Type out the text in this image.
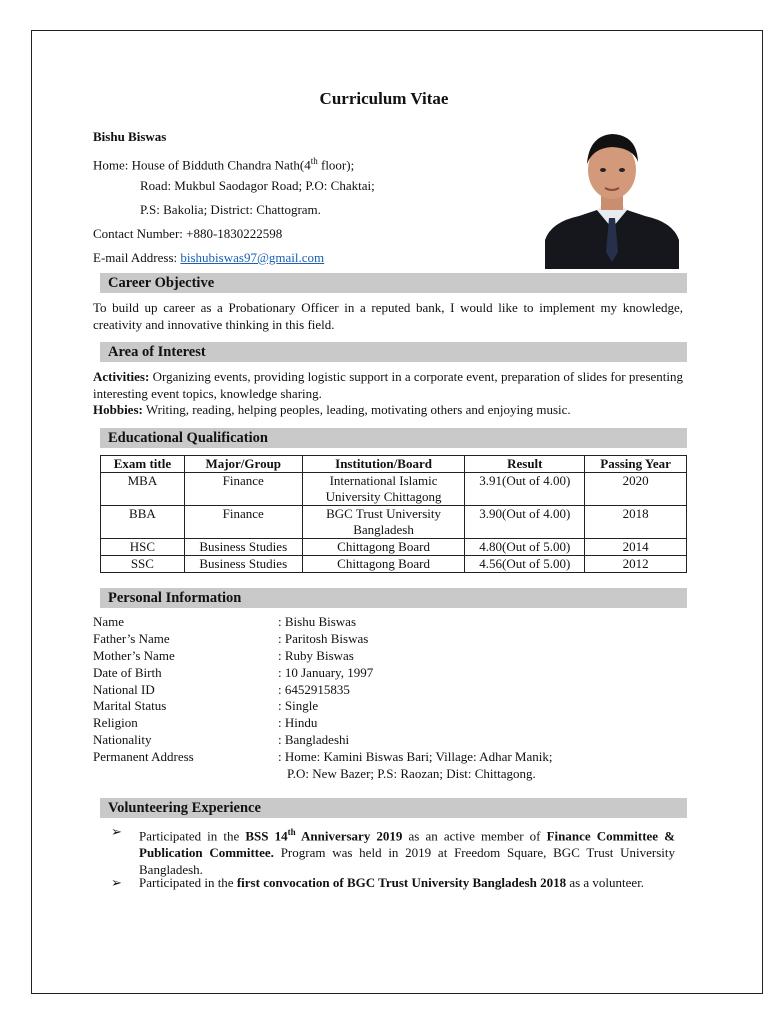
Curriculum Vitae
Bishu Biswas
Home: House of Bidduth Chandra Nath(4th floor);
Road: Mukbul Saodagor Road; P.O: Chaktai;
P.S: Bakolia; District: Chattogram.
Contact Number: +880-1830222598
E-mail Address: bishubiswas97@gmail.com
Career Objective
To build up career as a Probationary Officer in a reputed bank, I would like to implement my knowledge, creativity and innovative thinking in this field.
Area of Interest
Activities: Organizing events, providing logistic support in a corporate event, preparation of slides for presenting interesting event topics, knowledge sharing.
Hobbies: Writing, reading, helping peoples, leading, motivating others and enjoying music.
Educational Qualification
Exam title	Major/Group	Institution/Board	Result	Passing Year
MBA	Finance	International Islamic University Chittagong	3.91(Out of 4.00)	2020
BBA	Finance	BGC Trust University Bangladesh	3.90(Out of 4.00)	2018
HSC	Business Studies	Chittagong Board	4.80(Out of 5.00)	2014
SSC	Business Studies	Chittagong Board	4.56(Out of 5.00)	2012
Personal Information
Name	: Bishu Biswas
Father’s Name	: Paritosh Biswas
Mother’s Name	: Ruby Biswas
Date of Birth	: 10 January, 1997
National ID	: 6452915835
Marital Status	: Single
Religion	: Hindu
Nationality	: Bangladeshi
Permanent Address	: Home: Kamini Biswas Bari; Village: Adhar Manik;
P.O: New Bazer; P.S: Raozan; Dist: Chittagong.
Volunteering Experience
➢ Participated in the BSS 14th Anniversary 2019 as an active member of Finance Committee & Publication Committee. Program was held in 2019 at Freedom Square, BGC Trust University Bangladesh.
➢ Participated in the first convocation of BGC Trust University Bangladesh 2018 as a volunteer.
